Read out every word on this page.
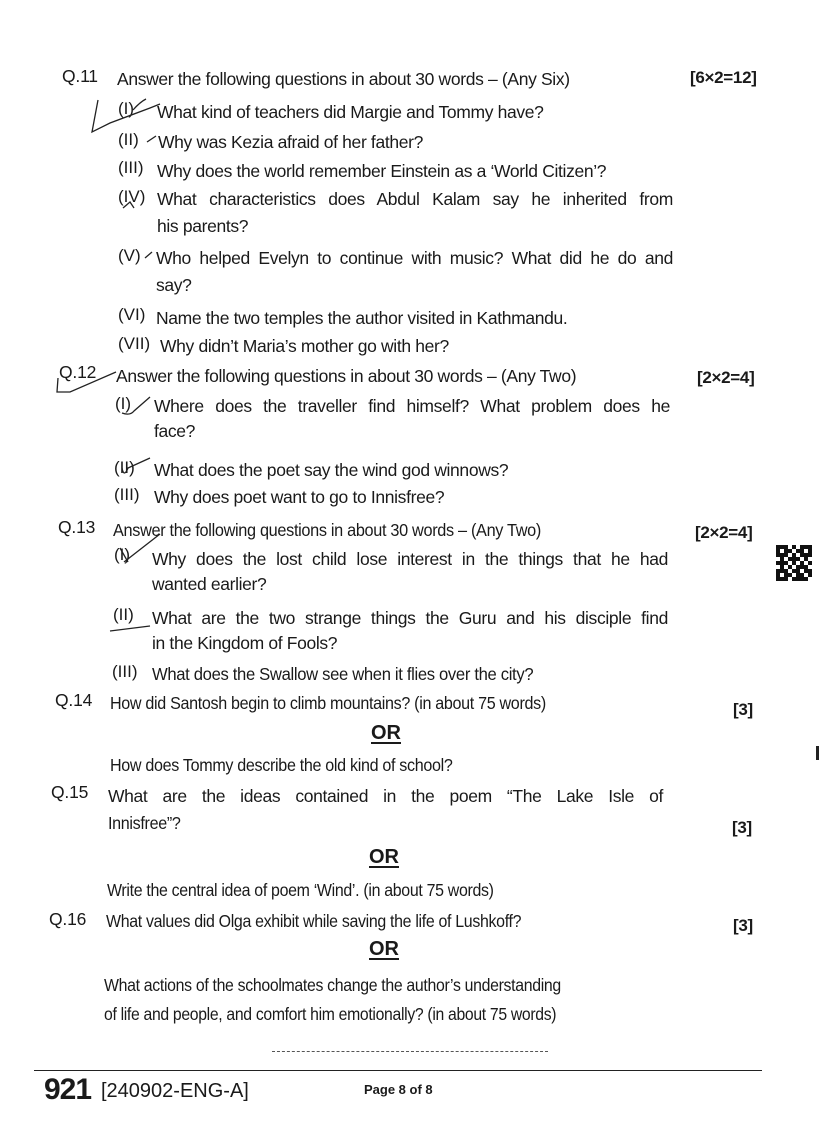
Q.11 Answer the following questions in about 30 words – (Any Six)	[6×2=12]
(I) What kind of teachers did Margie and Tommy have?
(II) Why was Kezia afraid of her father?
(III) Why does the world remember Einstein as a ‘World Citizen’?
(IV) What characteristics does Abdul Kalam say he inherited from
his parents?
(V) Who helped Evelyn to continue with music? What did he do and
say?
(VI) Name the two temples the author visited in Kathmandu.
(VII) Why didn’t Maria’s mother go with her?
Q.12 Answer the following questions in about 30 words – (Any Two)	[2×2=4]
(I) Where does the traveller find himself? What problem does he
face?
(II) What does the poet say the wind god winnows?
(III) Why does poet want to go to Innisfree?
Q.13 Answer the following questions in about 30 words – (Any Two)	[2×2=4]
(I) Why does the lost child lose interest in the things that he had
wanted earlier?
(II) What are the two strange things the Guru and his disciple find
in the Kingdom of Fools?
(III) What does the Swallow see when it flies over the city?
Q.14 How did Santosh begin to climb mountains? (in about 75 words)	[3]
OR
How does Tommy describe the old kind of school?
Q.15 What are the ideas contained in the poem “The Lake Isle of
Innisfree”?	[3]
OR
Write the central idea of poem ‘Wind’. (in about 75 words)
Q.16 What values did Olga exhibit while saving the life of Lushkoff?	[3]
OR
What actions of the schoolmates change the author’s understanding
of life and people, and comfort him emotionally? (in about 75 words)
921 [240902-ENG-A]	Page 8 of 8
